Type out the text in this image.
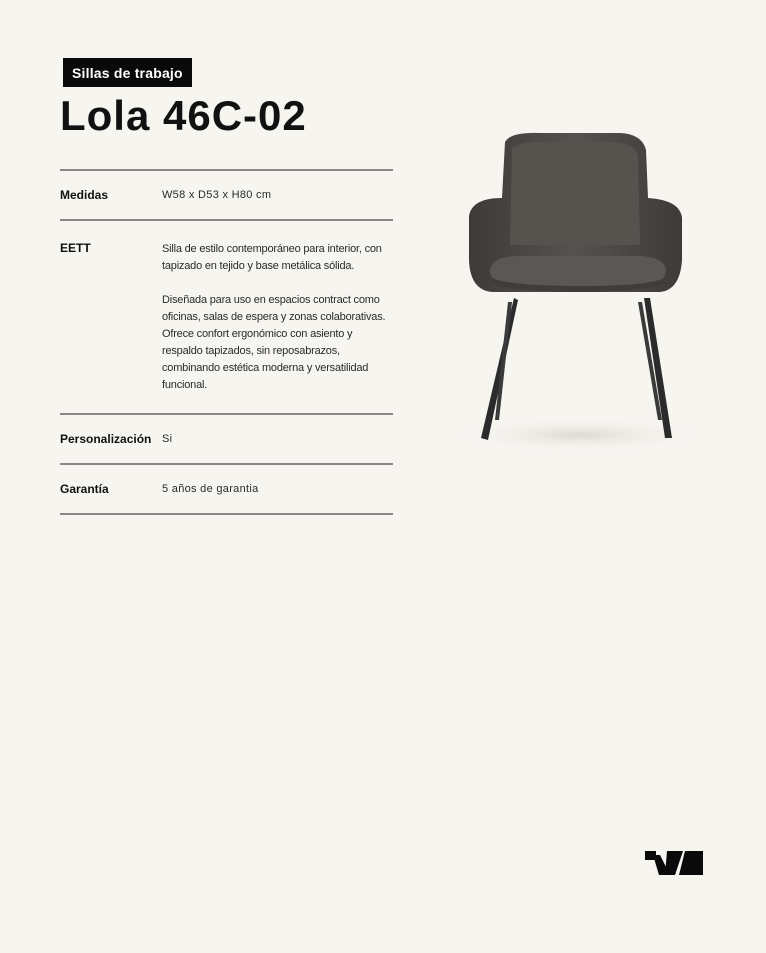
Sillas de trabajo
Lola 46C-02
Medidas	W58 x D53 x H80 cm
EETT	Silla de estilo contemporáneo para interior, con tapizado en tejido y base metálica sólida.

Diseñada para uso en espacios contract como oficinas, salas de espera y zonas colaborativas.
Ofrece confort ergonómico con asiento y respaldo tapizados, sin reposabrazos, combinando estética moderna y versatilidad funcional.

Personalización Si
Garantía	5 años de garantia
